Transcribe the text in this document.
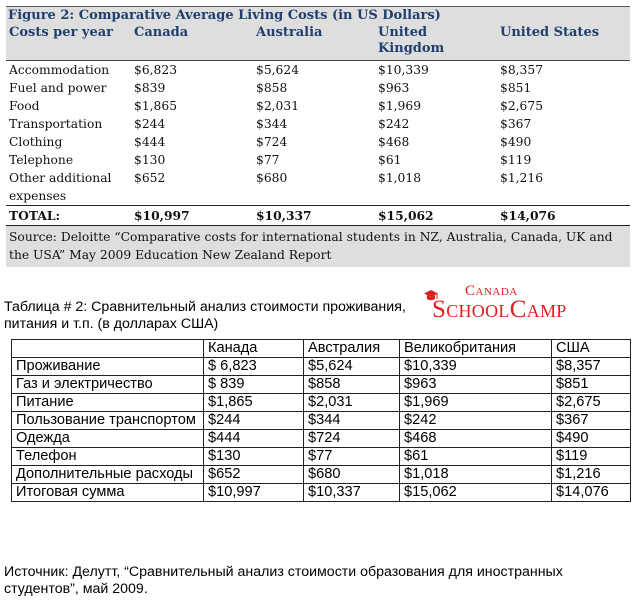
Figure 2: Comparative Average Living Costs (in US Dollars)
Costs per year	Canada	Australia	United Kingdom	United States
Accommodation	$6,823	$5,624	$10,339	$8,357
Fuel and power	$839	$858	$963	$851
Food	$1,865	$2,031	$1,969	$2,675
Transportation	$244	$344	$242	$367
Clothing	$444	$724	$468	$490
Telephone	$130	$77	$61	$119
Other additional expenses	$652	$680	$1,018	$1,216
TOTAL:	$10,997	$10,337	$15,062	$14,076
Source: Deloitte “Comparative costs for international students in NZ, Australia, Canada, UK and the USA” May 2009 Education New Zealand Report
Таблица # 2: Сравнительный анализ стоимости проживания, питания и т.п. (в долларах США)
Canada
SchoolCamp
	Канада	Австралия	Великобритания	США
Проживание	$ 6,823	$5,624	$10,339	$8,357
Газ и электричество	$ 839	$858	$963	$851
Питание	$1,865	$2,031	$1,969	$2,675
Пользование транспортом	$244	$344	$242	$367
Одежда	$444	$724	$468	$490
Телефон	$130	$77	$61	$119
Дополнительные расходы	$652	$680	$1,018	$1,216
Итоговая сумма	$10,997	$10,337	$15,062	$14,076
Источник: Делутт, “Сравнительный анализ стоимости образования для иностранных студентов”, май 2009.
